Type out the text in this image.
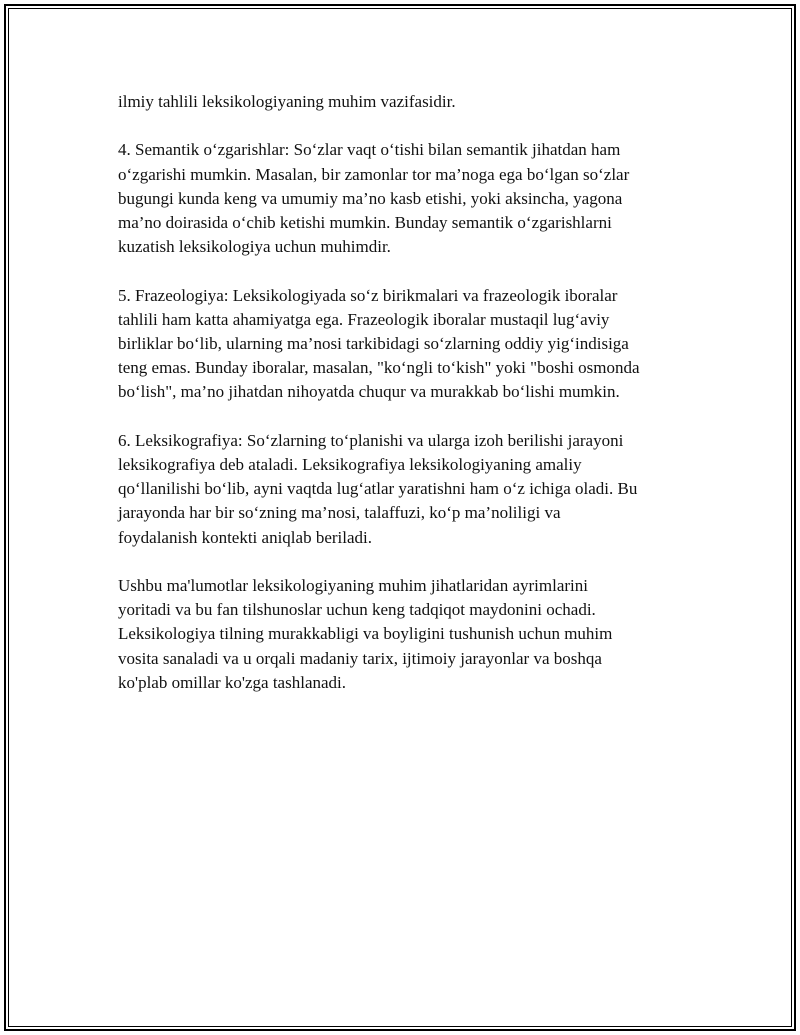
ilmiy tahlili leksikologiyaning muhim vazifasidir.

4. Semantik o‘zgarishlar: So‘zlar vaqt o‘tishi bilan semantik jihatdan ham
o‘zgarishi mumkin. Masalan, bir zamonlar tor ma’noga ega bo‘lgan so‘zlar
bugungi kunda keng va umumiy ma’no kasb etishi, yoki aksincha, yagona
ma’no doirasida o‘chib ketishi mumkin. Bunday semantik o‘zgarishlarni
kuzatish leksikologiya uchun muhimdir.

5. Frazeologiya: Leksikologiyada so‘z birikmalari va frazeologik iboralar
tahlili ham katta ahamiyatga ega. Frazeologik iboralar mustaqil lug‘aviy
birliklar bo‘lib, ularning ma’nosi tarkibidagi so‘zlarning oddiy yig‘indisiga
teng emas. Bunday iboralar, masalan, "ko‘ngli to‘kish" yoki "boshi osmonda
bo‘lish", ma’no jihatdan nihoyatda chuqur va murakkab bo‘lishi mumkin.

6. Leksikografiya: So‘zlarning to‘planishi va ularga izoh berilishi jarayoni
leksikografiya deb ataladi. Leksikografiya leksikologiyaning amaliy
qo‘llanilishi bo‘lib, ayni vaqtda lug‘atlar yaratishni ham o‘z ichiga oladi. Bu
jarayonda har bir so‘zning ma’nosi, talaffuzi, ko‘p ma’noliligi va
foydalanish kontekti aniqlab beriladi.

Ushbu ma'lumotlar leksikologiyaning muhim jihatlaridan ayrimlarini
yoritadi va bu fan tilshunoslar uchun keng tadqiqot maydonini ochadi.
Leksikologiya tilning murakkabligi va boyligini tushunish uchun muhim
vosita sanaladi va u orqali madaniy tarix, ijtimoiy jarayonlar va boshqa
ko'plab omillar ko'zga tashlanadi.
